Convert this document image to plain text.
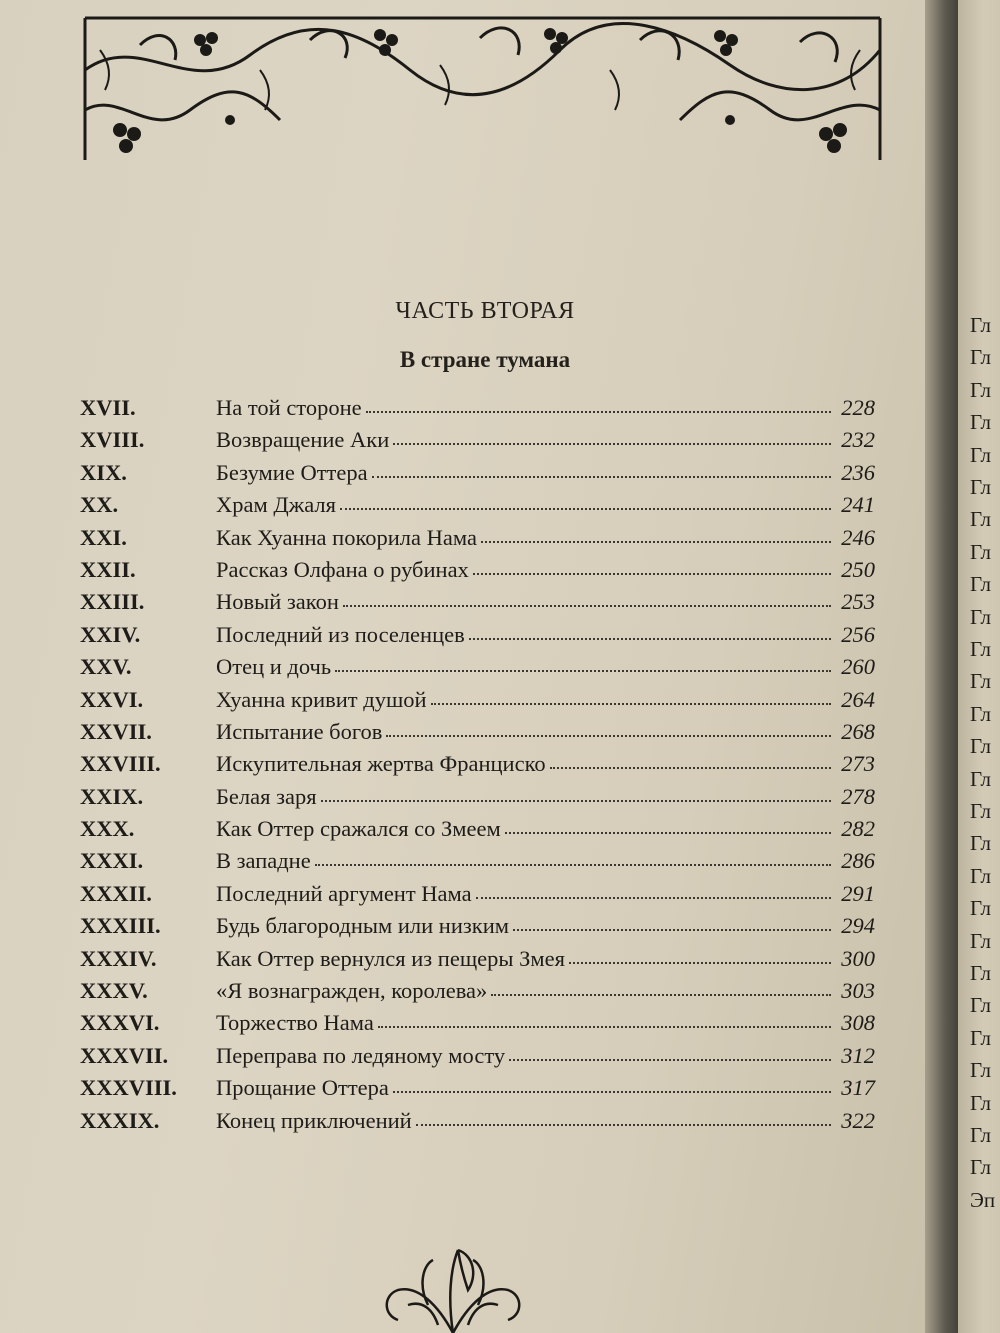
ЧАСТЬ ВТОРАЯ
В стране тумана
XVII.	На той стороне	228
XVIII.	Возвращение Аки	232
XIX.	Безумие Оттера	236
XX.	Храм Джаля	241
XXI.	Как Хуанна покорила Нама	246
XXII.	Рассказ Олфана о рубинах	250
XXIII.	Новый закон	253
XXIV.	Последний из поселенцев	256
XXV.	Отец и дочь	260
XXVI.	Хуанна кривит душой	264
XXVII.	Испытание богов	268
XXVIII.	Искупительная жертва Франциско	273
XXIX.	Белая заря	278
XXX.	Как Оттер сражался со Змеем	282
XXXI.	В западне	286
XXXII.	Последний аргумент Нама	291
XXXIII.	Будь благородным или низким	294
XXXIV.	Как Оттер вернулся из пещеры Змея	300
XXXV.	«Я вознагражден, королева»	303
XXXVI.	Торжество Нама	308
XXXVII.	Переправа по ледяному мосту	312
XXXVIII.	Прощание Оттера	317
XXXIX.	Конец приключений	322
Гл
Гл
Гл
Гл
Гл
Гл
Гл
Гл
Гл
Гл
Гл
Гл
Гл
Гл
Гл
Гл
Гл
Гл
Гл
Гл
Гл
Гл
Гл
Гл
Гл
Гл
Гл
Эп
